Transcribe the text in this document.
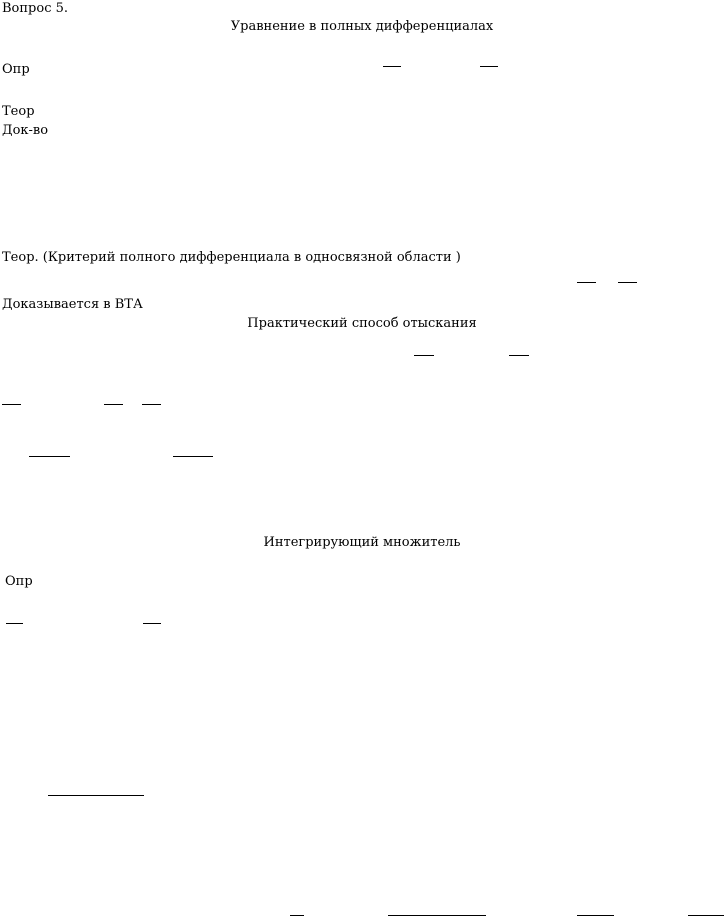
Вопрос 5.
Уравнение в полных дифференциалах
Опр
Теор
Док-во
Теор. (Критерий полного дифференциала в односвязной области )
Доказывается в ВТА
Практический способ отыскания
Интегрирующий множитель
Опр
